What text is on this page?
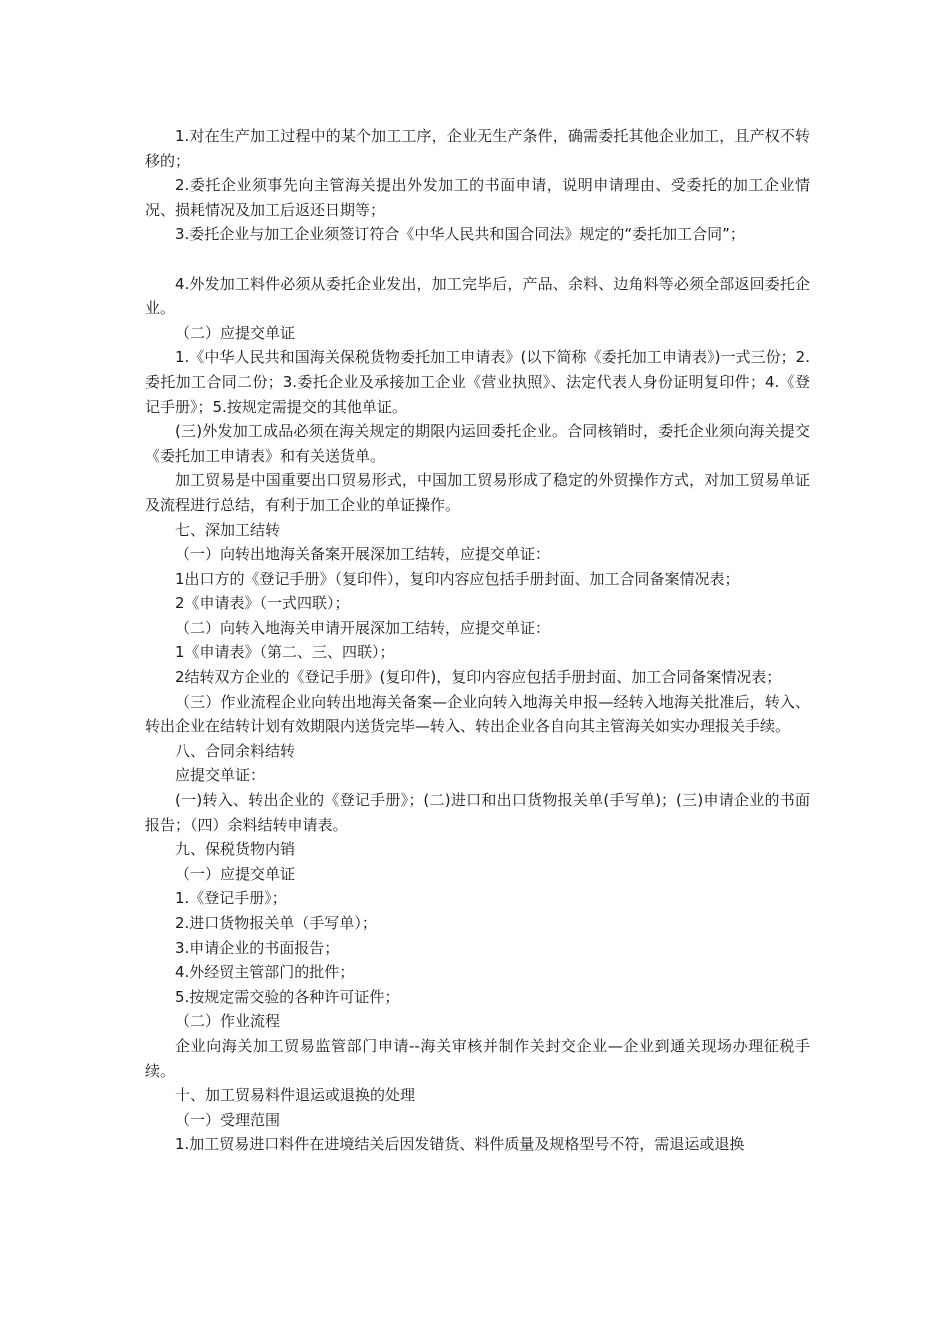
1.对在生产加工过程中的某个加工工序，企业无生产条件，确需委托其他企业加工，且产权不转移的；

2.委托企业须事先向主管海关提出外发加工的书面申请，说明申请理由、受委托的加工企业情况、损耗情况及加工后返还日期等；

3.委托企业与加工企业须签订符合《中华人民共和国合同法》规定的“委托加工合同”；

4.外发加工料件必须从委托企业发出，加工完毕后，产品、余料、边角料等必须全部返回委托企业。

（二）应提交单证

1.《中华人民共和国海关保税货物委托加工申请表》(以下简称《委托加工申请表》)一式三份；2.委托加工合同二份；3.委托企业及承接加工企业《营业执照》、法定代表人身份证明复印件；4.《登记手册》；5.按规定需提交的其他单证。

(三)外发加工成品必须在海关规定的期限内运回委托企业。合同核销时，委托企业须向海关提交《委托加工申请表》和有关送货单。

加工贸易是中国重要出口贸易形式，中国加工贸易形成了稳定的外贸操作方式，对加工贸易单证及流程进行总结，有利于加工企业的单证操作。

七、深加工结转

（一）向转出地海关备案开展深加工结转，应提交单证：

1出口方的《登记手册》（复印件），复印内容应包括手册封面、加工合同备案情况表；

2《申请表》（一式四联）；

（二）向转入地海关申请开展深加工结转，应提交单证：

1《申请表》（第二、三、四联）；

2结转双方企业的《登记手册》(复印件)，复印内容应包括手册封面、加工合同备案情况表；

（三）作业流程企业向转出地海关备案—企业向转入地海关申报—经转入地海关批准后，转入、转出企业在结转计划有效期限内送货完毕—转入、转出企业各自向其主管海关如实办理报关手续。

八、合同余料结转

应提交单证：

(一)转入、转出企业的《登记手册》；(二)进口和出口货物报关单(手写单)；(三)申请企业的书面报告；（四）余料结转申请表。

九、保税货物内销

（一）应提交单证

1.《登记手册》；

2.进口货物报关单（手写单）；

3.申请企业的书面报告；

4.外经贸主管部门的批件；

5.按规定需交验的各种许可证件；

（二）作业流程

企业向海关加工贸易监管部门申请--海关审核并制作关封交企业—企业到通关现场办理征税手续。

十、加工贸易料件退运或退换的处理

（一）受理范围

1.加工贸易进口料件在进境结关后因发错货、料件质量及规格型号不符，需退运或退换
